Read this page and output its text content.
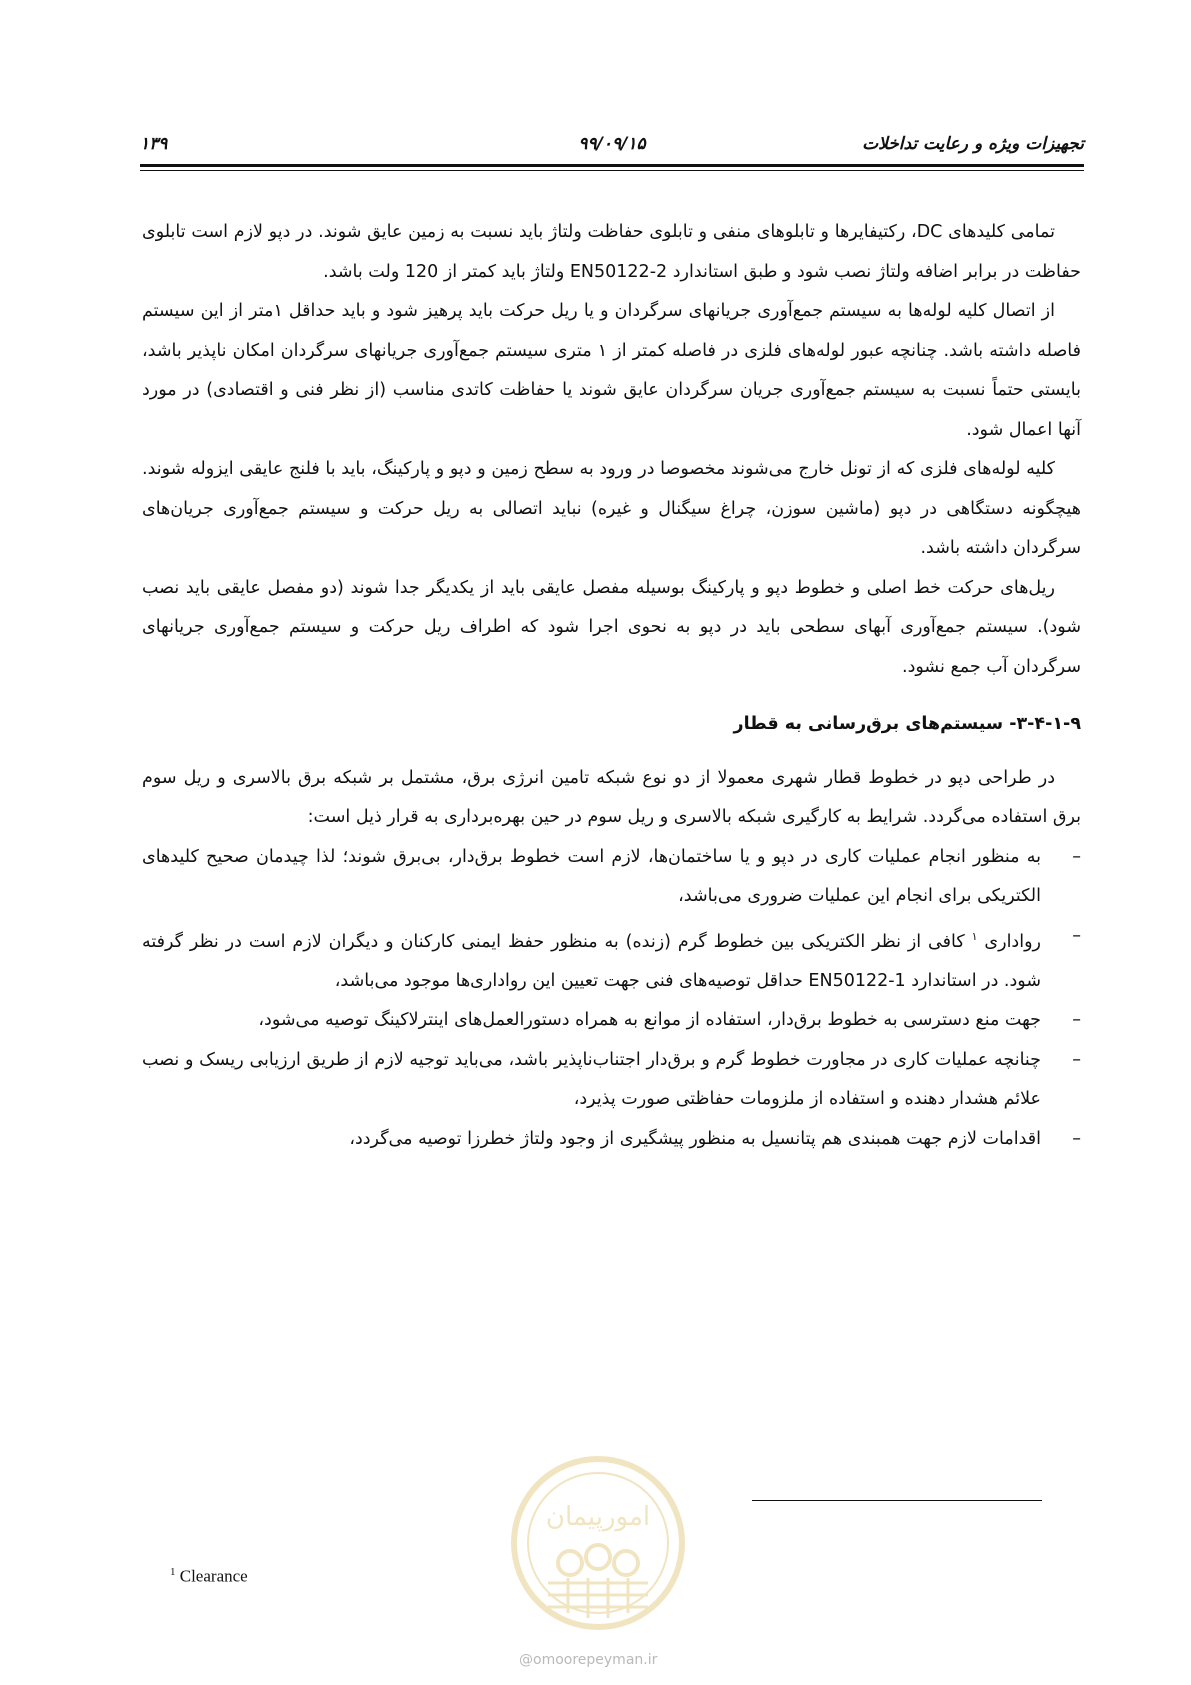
تجهیزات ویژه و رعایت تداخلات
۹۹/۰۹/۱۵
۱۳۹

تمامی کلیدهای DC، رکتیفایرها و تابلوهای منفی و تابلوی حفاظت ولتاژ باید نسبت به زمین عایق شوند. در دپو لازم است تابلوی حفاظت در برابر اضافه ولتاژ نصب شود و طبق استاندارد EN50122-2 ولتاژ باید کمتر از 120 ولت باشد.

از اتصال کلیه لوله‌ها به سیستم جمع‌آوری جریانهای سرگردان و یا ریل حرکت باید پرهیز شود و باید حداقل ۱متر از این سیستم فاصله داشته باشد. چنانچه عبور لوله‌های فلزی در فاصله کمتر از ۱ متری سیستم جمع‌آوری جریانهای سرگردان امکان ناپذیر باشد، بایستی حتماً نسبت به سیستم جمع‌آوری جریان سرگردان عایق شوند یا حفاظت کاتدی مناسب (از نظر فنی و اقتصادی) در مورد آنها اعمال شود.

کلیه لوله‌های فلزی که از تونل خارج می‌شوند مخصوصا در ورود به سطح زمین و دپو و پارکینگ، باید با فلنج عایقی ایزوله شوند. هیچگونه دستگاهی در دپو (ماشین سوزن، چراغ سیگنال و غیره) نباید اتصالی به ریل حرکت و سیستم جمع‌آوری جریان‌های سرگردان داشته باشد.

ریل‌های حرکت خط اصلی و خطوط دپو و پارکینگ بوسیله مفصل عایقی باید از یکدیگر جدا شوند (دو مفصل عایقی باید نصب شود). سیستم جمع‌آوری آبهای سطحی باید در دپو به نحوی اجرا شود که اطراف ریل حرکت و سیستم جمع‌آوری جریانهای سرگردان آب جمع نشود.

۳-۴-۱-۹- سیستم‌های برق‌رسانی به قطار

در طراحی دپو در خطوط قطار شهری معمولا از دو نوع شبکه تامین انرژی برق، مشتمل بر شبکه برق بالاسری و ریل سوم برق استفاده می‌گردد. شرایط به کارگیری شبکه بالاسری و ریل سوم در حین بهره‌برداری به قرار ذیل است:

–
به منظور انجام عملیات کاری در دپو و یا ساختمان‌ها، لازم است خطوط برق‌دار، بی‌برق شوند؛ لذا چیدمان صحیح کلیدهای الکتریکی برای انجام این عملیات ضروری می‌باشد،
–
رواداری $^۱$ کافی از نظر الکتریکی بین خطوط گرم (زنده) به منظور حفظ ایمنی کارکنان و دیگران لازم است در نظر گرفته شود. در استاندارد EN50122-1 حداقل توصیه‌های فنی جهت تعیین این رواداری‌ها موجود می‌باشد،
–
جهت منع دسترسی به خطوط برق‌دار، استفاده از موانع به همراه دستورالعمل‌های اینترلاکینگ توصیه می‌شود،
–
چنانچه عملیات کاری در مجاورت خطوط گرم و برق‌دار اجتناب‌ناپذیر باشد، می‌باید توجیه لازم از طریق ارزیابی ریسک و نصب علائم هشدار دهنده و استفاده از ملزومات حفاظتی صورت پذیرد،
–
اقدامات لازم جهت همبندی هم پتانسیل به منظور پیشگیری از وجود ولتاژ خطرزا توصیه می‌گردد،
$^1$ Clearance
امورپیمان
@omoorepeyman.ir
